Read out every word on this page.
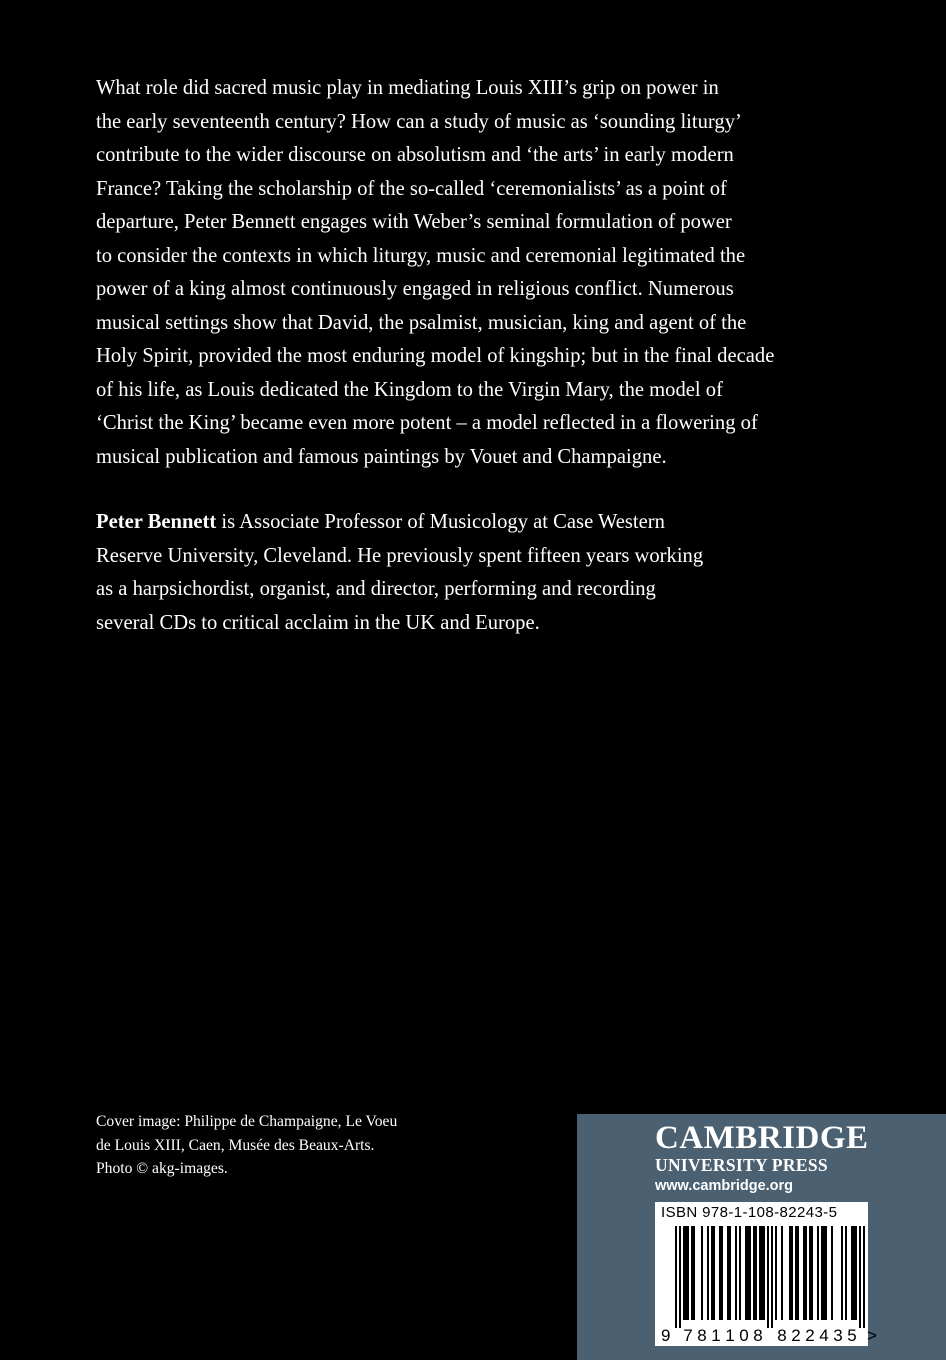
What role did sacred music play in mediating Louis XIII’s grip on power in
the early seventeenth century? How can a study of music as ‘sounding liturgy’
contribute to the wider discourse on absolutism and ‘the arts’ in early modern
France? Taking the scholarship of the so-called ‘ceremonialists’ as a point of
departure, Peter Bennett engages with Weber’s seminal formulation of power
to consider the contexts in which liturgy, music and ceremonial legitimated the
power of a king almost continuously engaged in religious conflict. Numerous
musical settings show that David, the psalmist, musician, king and agent of the
Holy Spirit, provided the most enduring model of kingship; but in the final decade
of his life, as Louis dedicated the Kingdom to the Virgin Mary, the model of
‘Christ the King’ became even more potent – a model reflected in a flowering of
musical publication and famous paintings by Vouet and Champaigne.
Peter Bennett is Associate Professor of Musicology at Case Western
Reserve University, Cleveland. He previously spent fifteen years working
as a harpsichordist, organist, and director, performing and recording
several CDs to critical acclaim in the UK and Europe.
Cover image: Philippe de Champaigne, Le Voeu
de Louis XIII, Caen, Musée des Beaux-Arts.
Photo © akg-images.
CAMBRIDGE
UNIVERSITY PRESS
www.cambridge.org
ISBN 978-1-108-82243-5
9 7	8
8	2
1	2
1	4
0	3
8	5 >
